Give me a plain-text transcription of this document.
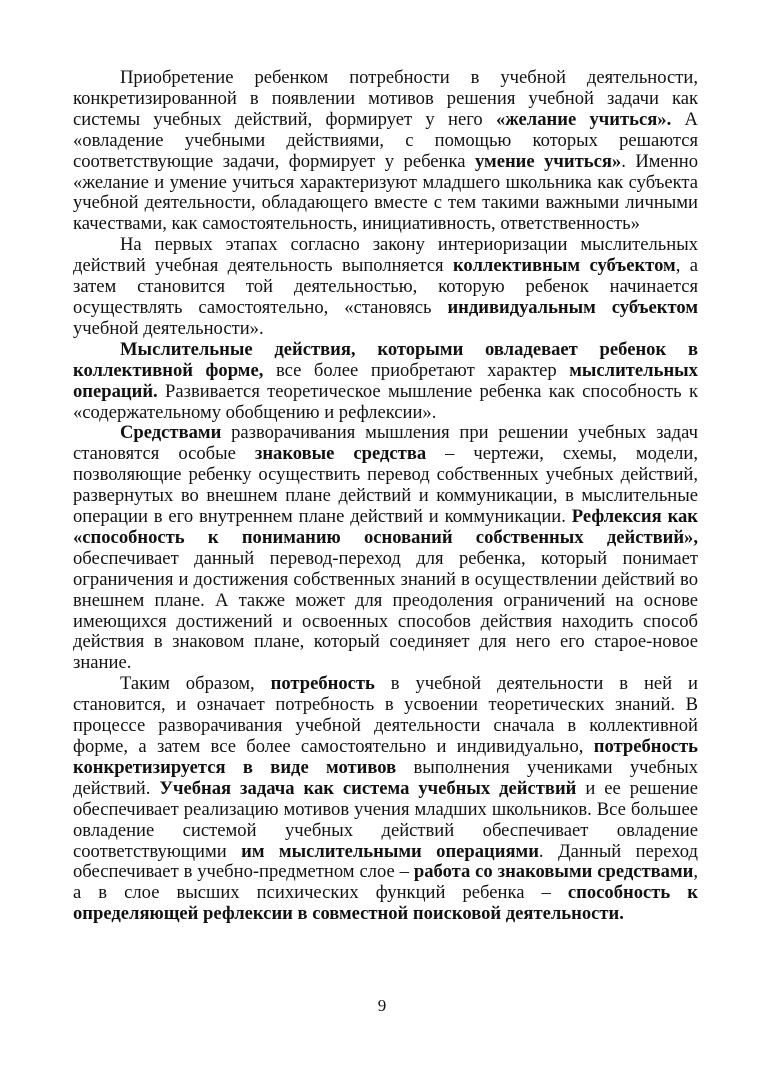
Приобретение ребенком потребности в учебной деятельности, конкретизированной в появлении мотивов решения учебной задачи как системы учебных действий, формирует у него «желание учиться». А «овладение учебными действиями, с помощью которых решаются соответствующие задачи, формирует у ребенка умение учиться». Именно «желание и умение учиться характеризуют младшего школьника как субъекта учебной деятельности, обладающего вместе с тем такими важными личными качествами, как самостоятельность, инициативность, ответственность»

На первых этапах согласно закону интериоризации мыслительных действий учебная деятельность выполняется коллективным субъектом, а затем становится той деятельностью, которую ребенок начинается осуществлять самостоятельно, «становясь индивидуальным субъектом учебной деятельности».

Мыслительные действия, которыми овладевает ребенок в коллективной форме, все более приобретают характер мыслительных операций. Развивается теоретическое мышление ребенка как способность к «содержательному обобщению и рефлексии».

Средствами разворачивания мышления при решении учебных задач становятся особые знаковые средства – чертежи, схемы, модели, позволяющие ребенку осуществить перевод собственных учебных действий, развернутых во внешнем плане действий и коммуникации, в мыслительные операции в его внутреннем плане действий и коммуникации. Рефлексия как «способность к пониманию оснований собственных действий», обеспечивает данный перевод-переход для ребенка, который понимает ограничения и достижения собственных знаний в осуществлении действий во внешнем плане. А также может для преодоления ограничений на основе имеющихся достижений и освоенных способов действия находить способ действия в знаковом плане, который соединяет для него его старое-новое знание.

Таким образом, потребность в учебной деятельности в ней и становится, и означает потребность в усвоении теоретических знаний. В процессе разворачивания учебной деятельности сначала в коллективной форме, а затем все более самостоятельно и индивидуально, потребность конкретизируется в виде мотивов выполнения учениками учебных действий. Учебная задача как система учебных действий и ее решение обеспечивает реализацию мотивов учения младших школьников. Все большее овладение системой учебных действий обеспечивает овладение соответствующими им мыслительными операциями. Данный переход обеспечивает в учебно-предметном слое – работа со знаковыми средствами, а в слое высших психических функций ребенка – способность к определяющей рефлексии в совместной поисковой деятельности.

9
